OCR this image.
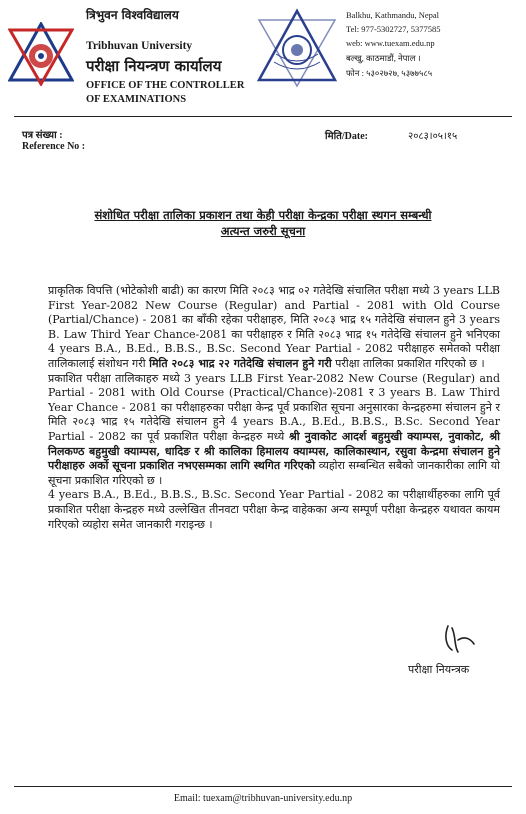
त्रिभुवन विश्वविद्यालय
Tribhuvan University
परीक्षा नियन्त्रण कार्यालय
OFFICE OF THE CONTROLLER
OF EXAMINATIONS
Balkhu, Kathmandu, Nepal
Tel: 977-5302727, 5377585
web: www.tuexam.edu.np
बल्खु, काठमाडौं, नेपाल ।
फोन : ५३०२७२७, ५३७७५८५
पत्र संख्या :
Reference No :
मिति/Date:	२०८३।०५।१५
संशोधित परीक्षा तालिका प्रकाशन तथा केही परीक्षा केन्द्रका परीक्षा स्थगन सम्बन्धी
अत्यन्त जरुरी सूचना

प्राकृतिक विपत्ति (भोटेकोशी बाढी) का कारण मिति २०८३ भाद्र ०२ गतेदेखि संचालित परीक्षा मध्ये 3 years LLB First Year-2082 New Course (Regular) and Partial - 2081 with Old Course (Partial/Chance) - 2081 का बाँकी रहेका परीक्षाहरु, मिति २०८३ भाद्र १५ गतेदेखि संचालन हुने 3 years B. Law Third Year Chance-2081 का परीक्षाहरु र मिति २०८३ भाद्र १५ गतेदेखि संचालन हुने भनिएका 4 years B.A., B.Ed., B.B.S., B.Sc. Second Year Partial - 2082 परीक्षाहरु समेतको परीक्षा तालिकालाई संशोधन गरी मिति २०८३ भाद्र २२ गतेदेखि संचालन हुने गरी परीक्षा तालिका प्रकाशित गरिएको छ ।

प्रकाशित परीक्षा तालिकाहरु मध्ये 3 years LLB First Year-2082 New Course (Regular) and Partial - 2081 with Old Course (Practical/Chance)-2081 र 3 years B. Law Third Year Chance - 2081 का परीक्षाहरुका परीक्षा केन्द्र पूर्व प्रकाशित सूचना अनुसारका केन्द्रहरुमा संचालन हुने र मिति २०८३ भाद्र १५ गतेदेखि संचालन हुने 4 years B.A., B.Ed., B.B.S., B.Sc. Second Year Partial - 2082 का पूर्व प्रकाशित परीक्षा केन्द्रहरु मध्ये श्री नुवाकोट आदर्श बहुमुखी क्याम्पस, नुवाकोट, श्री निलकण्ठ बहुमुखी क्याम्पस, धादिङ र श्री कालिका हिमालय क्याम्पस, कालिकास्थान, रसुवा केन्द्रमा संचालन हुने परीक्षाहरु अर्को सूचना प्रकाशित नभएसम्मका लागि स्थगित गरिएको व्यहोरा सम्बन्धित सबैको जानकारीका लागि यो सूचना प्रकाशित गरिएको छ ।

4 years B.A., B.Ed., B.B.S., B.Sc. Second Year Partial - 2082 का परीक्षार्थीहरुका लागि पूर्व प्रकाशित परीक्षा केन्द्रहरु मध्ये उल्लेखित तीनवटा परीक्षा केन्द्र वाहेकका अन्य सम्पूर्ण परीक्षा केन्द्रहरु यथावत कायम गरिएको व्यहोरा समेत जानकारी गराइन्छ ।

परीक्षा नियन्त्रक
Email: tuexam@tribhuvan-university.edu.np
